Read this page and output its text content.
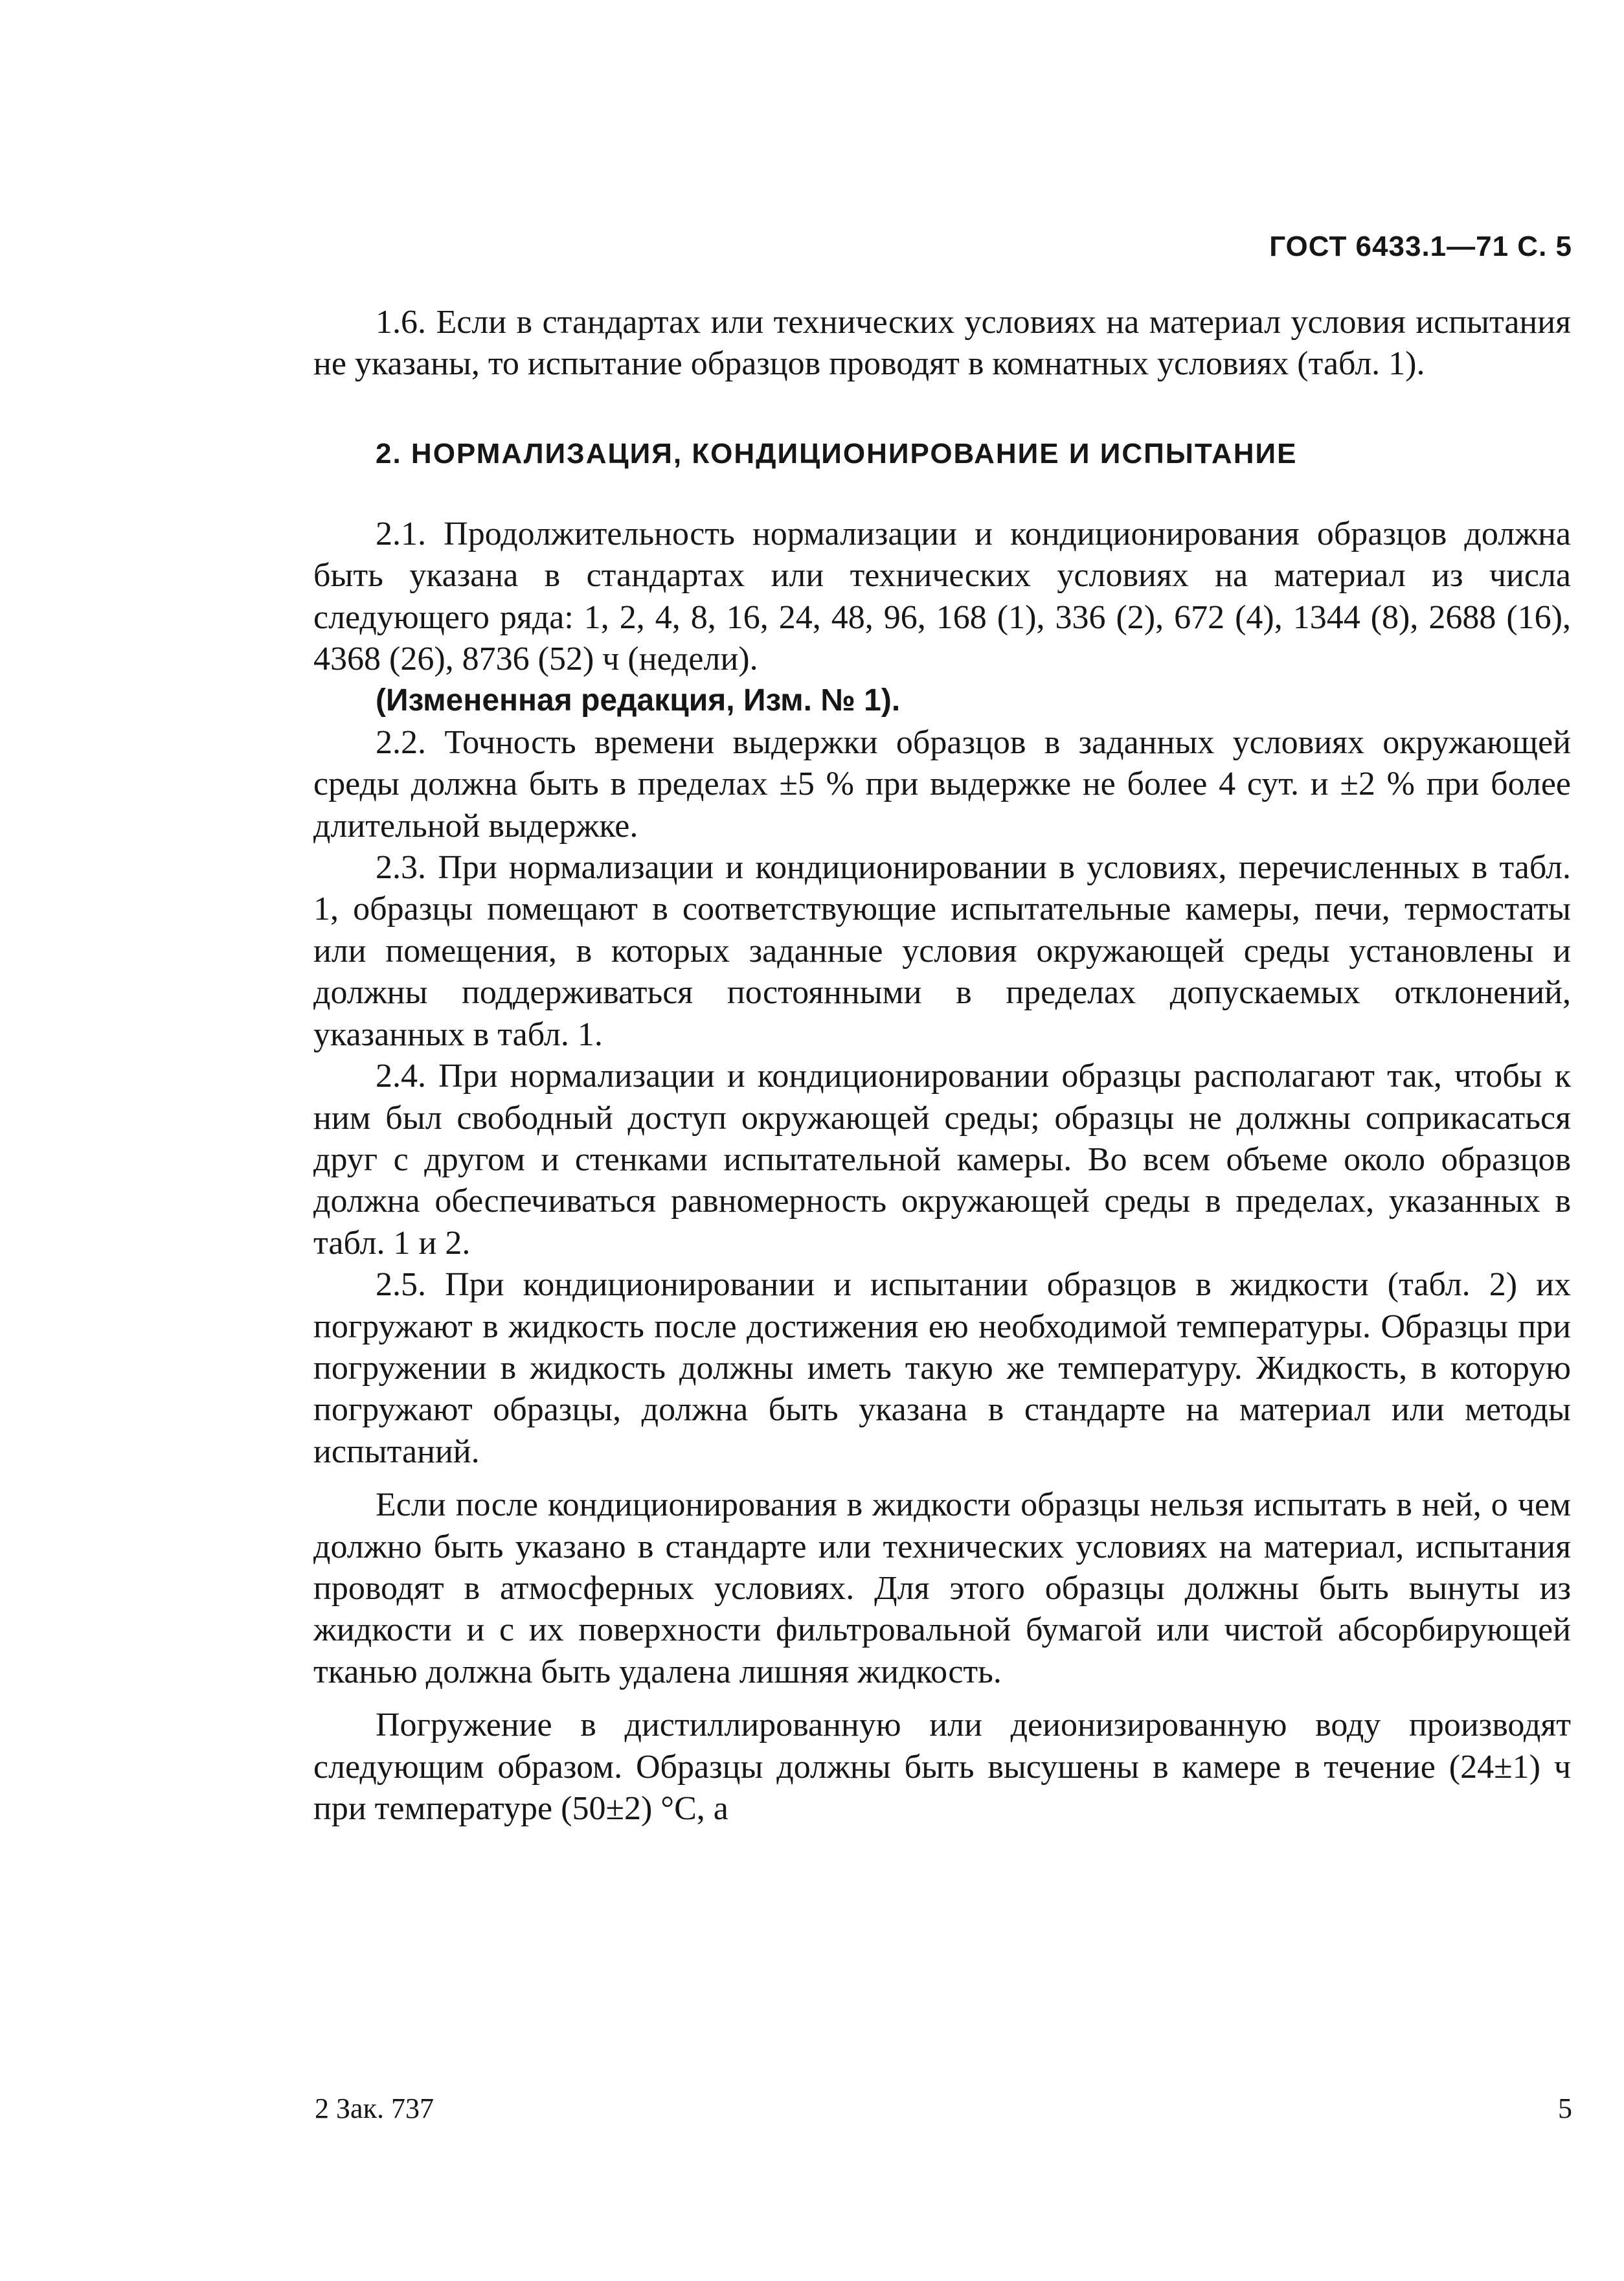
ГОСТ 6433.1—71 С. 5

1.6. Если в стандартах или технических условиях на материал условия испытания не указаны, то испытание образцов проводят в комнатных условиях (табл. 1).

2. НОРМАЛИЗАЦИЯ, КОНДИЦИОНИРОВАНИЕ И ИСПЫТАНИЕ

2.1. Продолжительность нормализации и кондиционирования образцов должна быть указана в стандартах или технических условиях на материал из числа следующего ряда: 1, 2, 4, 8, 16, 24, 48, 96, 168 (1), 336 (2), 672 (4), 1344 (8), 2688 (16), 4368 (26), 8736 (52) ч (недели).

(Измененная редакция, Изм. № 1).

2.2. Точность времени выдержки образцов в заданных условиях окружающей среды должна быть в пределах ±5 % при выдержке не более 4 сут. и ±2 % при более длительной выдержке.

2.3. При нормализации и кондиционировании в условиях, перечисленных в табл. 1, образцы помещают в соответствующие испытательные камеры, печи, термостаты или помещения, в которых заданные условия окружающей среды установлены и должны поддерживаться постоянными в пределах допускаемых отклонений, указанных в табл. 1.

2.4. При нормализации и кондиционировании образцы располагают так, чтобы к ним был свободный доступ окружающей среды; образцы не должны соприкасаться друг с другом и стенками испытательной камеры. Во всем объеме около образцов должна обеспечиваться равномерность окружающей среды в пределах, указанных в табл. 1 и 2.

2.5. При кондиционировании и испытании образцов в жидкости (табл. 2) их погружают в жидкость после достижения ею необходимой температуры. Образцы при погружении в жидкость должны иметь такую же температуру. Жидкость, в которую погружают образцы, должна быть указана в стандарте на материал или методы испытаний.

Если после кондиционирования в жидкости образцы нельзя испытать в ней, о чем должно быть указано в стандарте или технических условиях на материал, испытания проводят в атмосферных условиях. Для этого образцы должны быть вынуты из жидкости и с их поверхности фильтровальной бумагой или чистой абсорбирующей тканью должна быть удалена лишняя жидкость.

Погружение в дистиллированную или деионизированную воду производят следующим образом. Образцы должны быть высушены в камере в течение (24±1) ч при температуре (50±2) °С, а

2 Зак. 737	5
